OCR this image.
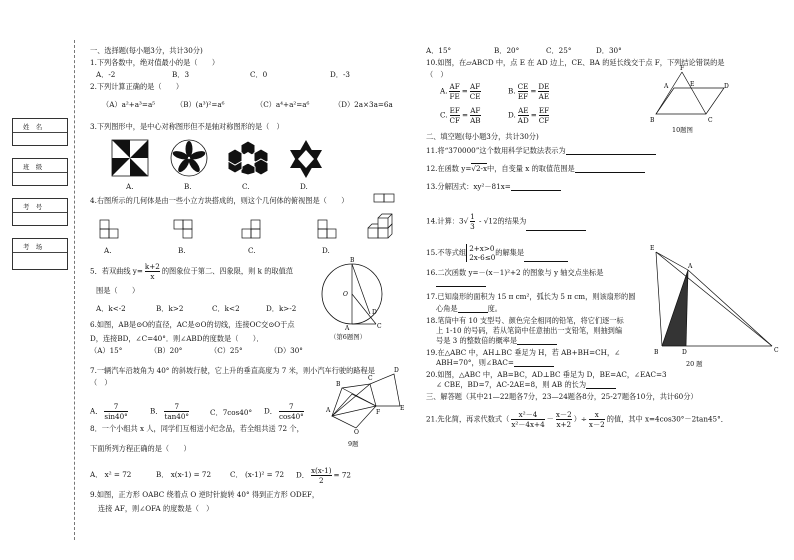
姓　名
班　级
考　号
考　场
一、选择题(每小题3分，共计30分)
1.下列各数中，绝对值最小的是（　　）
A．-2	B．3	C．0	D．-3
2.下列计算正确的是（　　）
（A）a²+a³=a⁵	（B）(a³)²=a⁶	（C）a⁴+a²=a⁶	（D）2a×3a=6a
3.下列图形中，是中心对称图形但不是轴对称图形的是（　）
A.	B.	C.	D.
4.右图所示的几何体是由一些小立方块搭成的，则这个几何体的俯视图是（　　）
A.	B.	C.	D.
5．若双曲线 $y= \frac{k+2}{x}$ 的图象位于第二、四象限，则 k 的取值范
围是（　　）
A．k<-2	B．k>2	C．k<2	D．k>-2
O
B
A	C
D
（第6题图）
6.如图，AB是⊙O的直径，AC是⊙O的切线，连接OC交⊙O于点
D，连接BD，∠C=40°．则∠ABD的度数是（　　）．
（A）15°	（B）20°	（C）25°	（D）30°
7.一辆汽车沿坡角为 40° 的斜坡行驶，它上升的垂直高度为 7 米，则小汽车行驶的路程是
（　）
A． $\frac{7}{\sin 40^\circ}$	B． $\frac{7}{\tan 40^\circ}$	C．7cos40° D． $\frac{7}{\cos 40^\circ}$	A
B
C
D
E
F
O
9题
8．一个小组共 x 人，同学们互相送小纪念品，若全组共送 72 个，
下面所列方程正确的是（　　）
A． x² = 72	B． x(x-1) = 72	C． (x-1)² = 72 D． $\frac{x(x-1)}{2} = 72$
9.如图，正方形 OABC 绕着点 O 逆时针旋转 40° 得到正方形 ODEF，
连接 AF，则∠OFA 的度数是（　）
A．15°	B．20°	C．25°	D．30°
10.如图，在▱ABCD 中，点 E 在 AD 边上，CE、BA 的延长线交于点 F，下列结论错误的是
（　）
A. $\frac{AF}{FE} = \frac{AF}{CE}$	B. $\frac{CE}{EF} = \frac{DE}{AE}$
C. $\frac{EF}{CF} = \frac{AF}{AB}$	D. $\frac{AE}{AD} = \frac{EF}{CF}$
F
A	E	D
B	C
10题图
二、填空题(每小题3分，共计30分)
11.将“370000”这个数用科学记数法表示为
12.在函数 y=√2-x中，自变量 x 的取值范围是
13.分解因式：xy²－81x=
14.计算：$3√ \frac{1}{3} - √12$的结果为
15.不等式组 2+x>0
2x-6≤0
的解集是
16.二次函数 y=－(x－1)²+2 的图象与 y 轴交点坐标是
17.已知扇形的面积为 15 π cm²，弧长为 5 π cm，则该扇形的圆
心角是	度。
18.笔筒中有 10 支型号、颜色完全相同的铅笔，将它们逐一标
上 1-10 的号码，若从笔筒中任意抽出一支铅笔，则抽到编
号是 3 的整数倍的概率是
19.在△ABC 中，AH⊥BC 垂足为 H，若 AB+BH=CH，∠
ABH=70°，则∠BAC=
20.如图，△ABC 中，AB=BC，AD⊥BC 垂足为 D，BE=AC，∠EAC=3
∠ CBE，BD=7，AC-2AE=8，则 AB 的长为
E
A
B	D	C
20 题
三、解答题（其中21—22题各7分，23—24题各8分，25-27题各10分，共计60分）
21.先化简，再求代数式（ $\frac{\text{x²－4}}{\text{x²－4x+4}} - \frac{x-2}{x+2}$ ）÷ $\frac{x}{x-2}$ 的值，其中 x=4cos30°－2tan45°．
